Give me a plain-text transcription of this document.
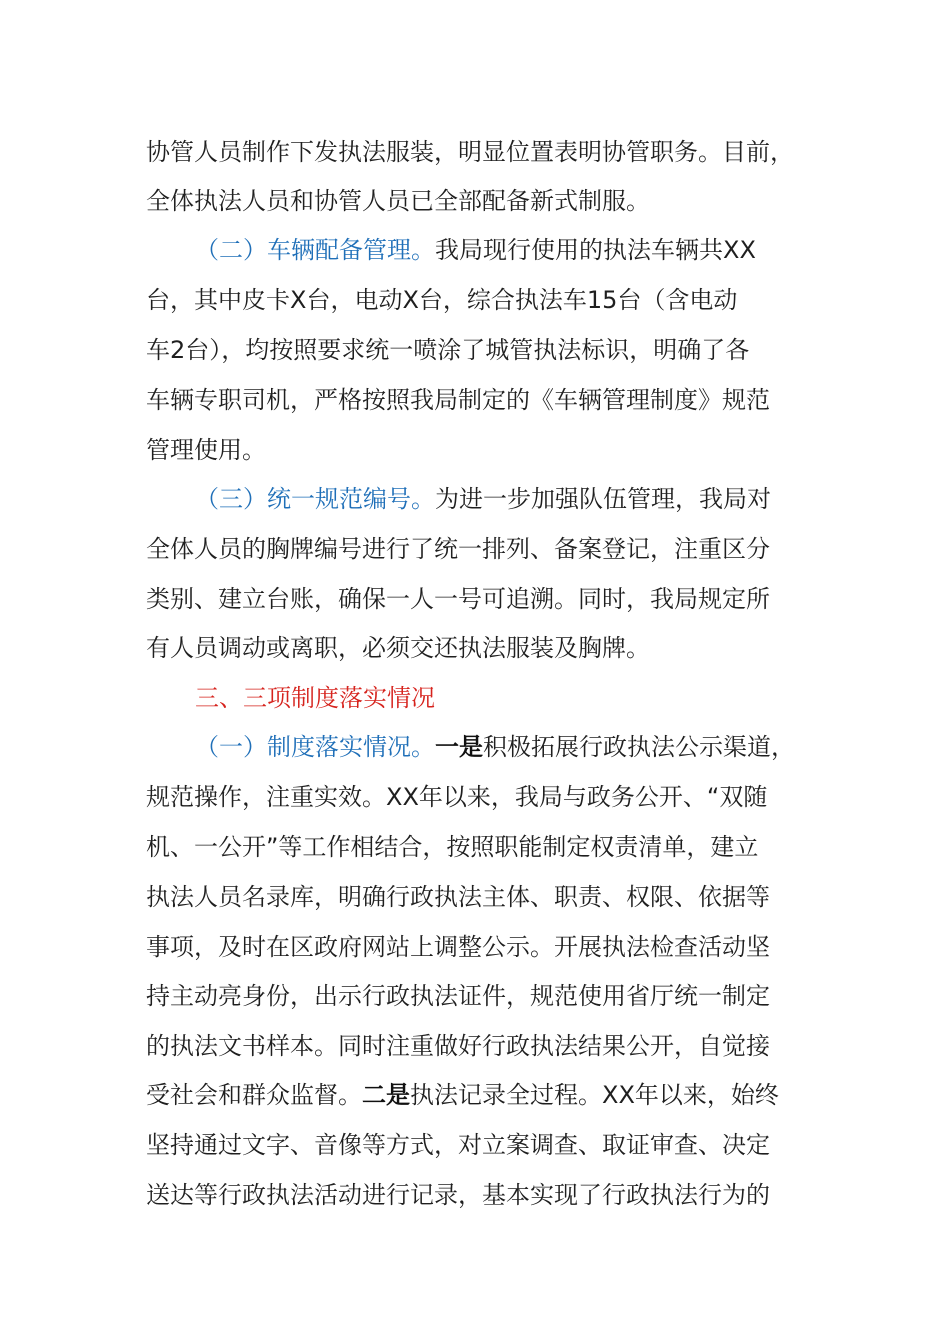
协管人员制作下发执法服装，明显位置表明协管职务。目前，
全体执法人员和协管人员已全部配备新式制服。
（二）车辆配备管理。我局现行使用的执法车辆共XX
台，其中皮卡X台，电动X台，综合执法车15台（含电动
车2台），均按照要求统一喷涂了城管执法标识，明确了各
车辆专职司机，严格按照我局制定的《车辆管理制度》规范
管理使用。
（三）统一规范编号。为进一步加强队伍管理，我局对
全体人员的胸牌编号进行了统一排列、备案登记，注重区分
类别、建立台账，确保一人一号可追溯。同时，我局规定所
有人员调动或离职，必须交还执法服装及胸牌。
三、三项制度落实情况
（一）制度落实情况。一是积极拓展行政执法公示渠道，
规范操作，注重实效。XX年以来，我局与政务公开、“双随
机、一公开”等工作相结合，按照职能制定权责清单，建立
执法人员名录库，明确行政执法主体、职责、权限、依据等
事项，及时在区政府网站上调整公示。开展执法检查活动坚
持主动亮身份，出示行政执法证件，规范使用省厅统一制定
的执法文书样本。同时注重做好行政执法结果公开，自觉接
受社会和群众监督。二是执法记录全过程。XX年以来，始终
坚持通过文字、音像等方式，对立案调查、取证审查、决定
送达等行政执法活动进行记录，基本实现了行政执法行为的
